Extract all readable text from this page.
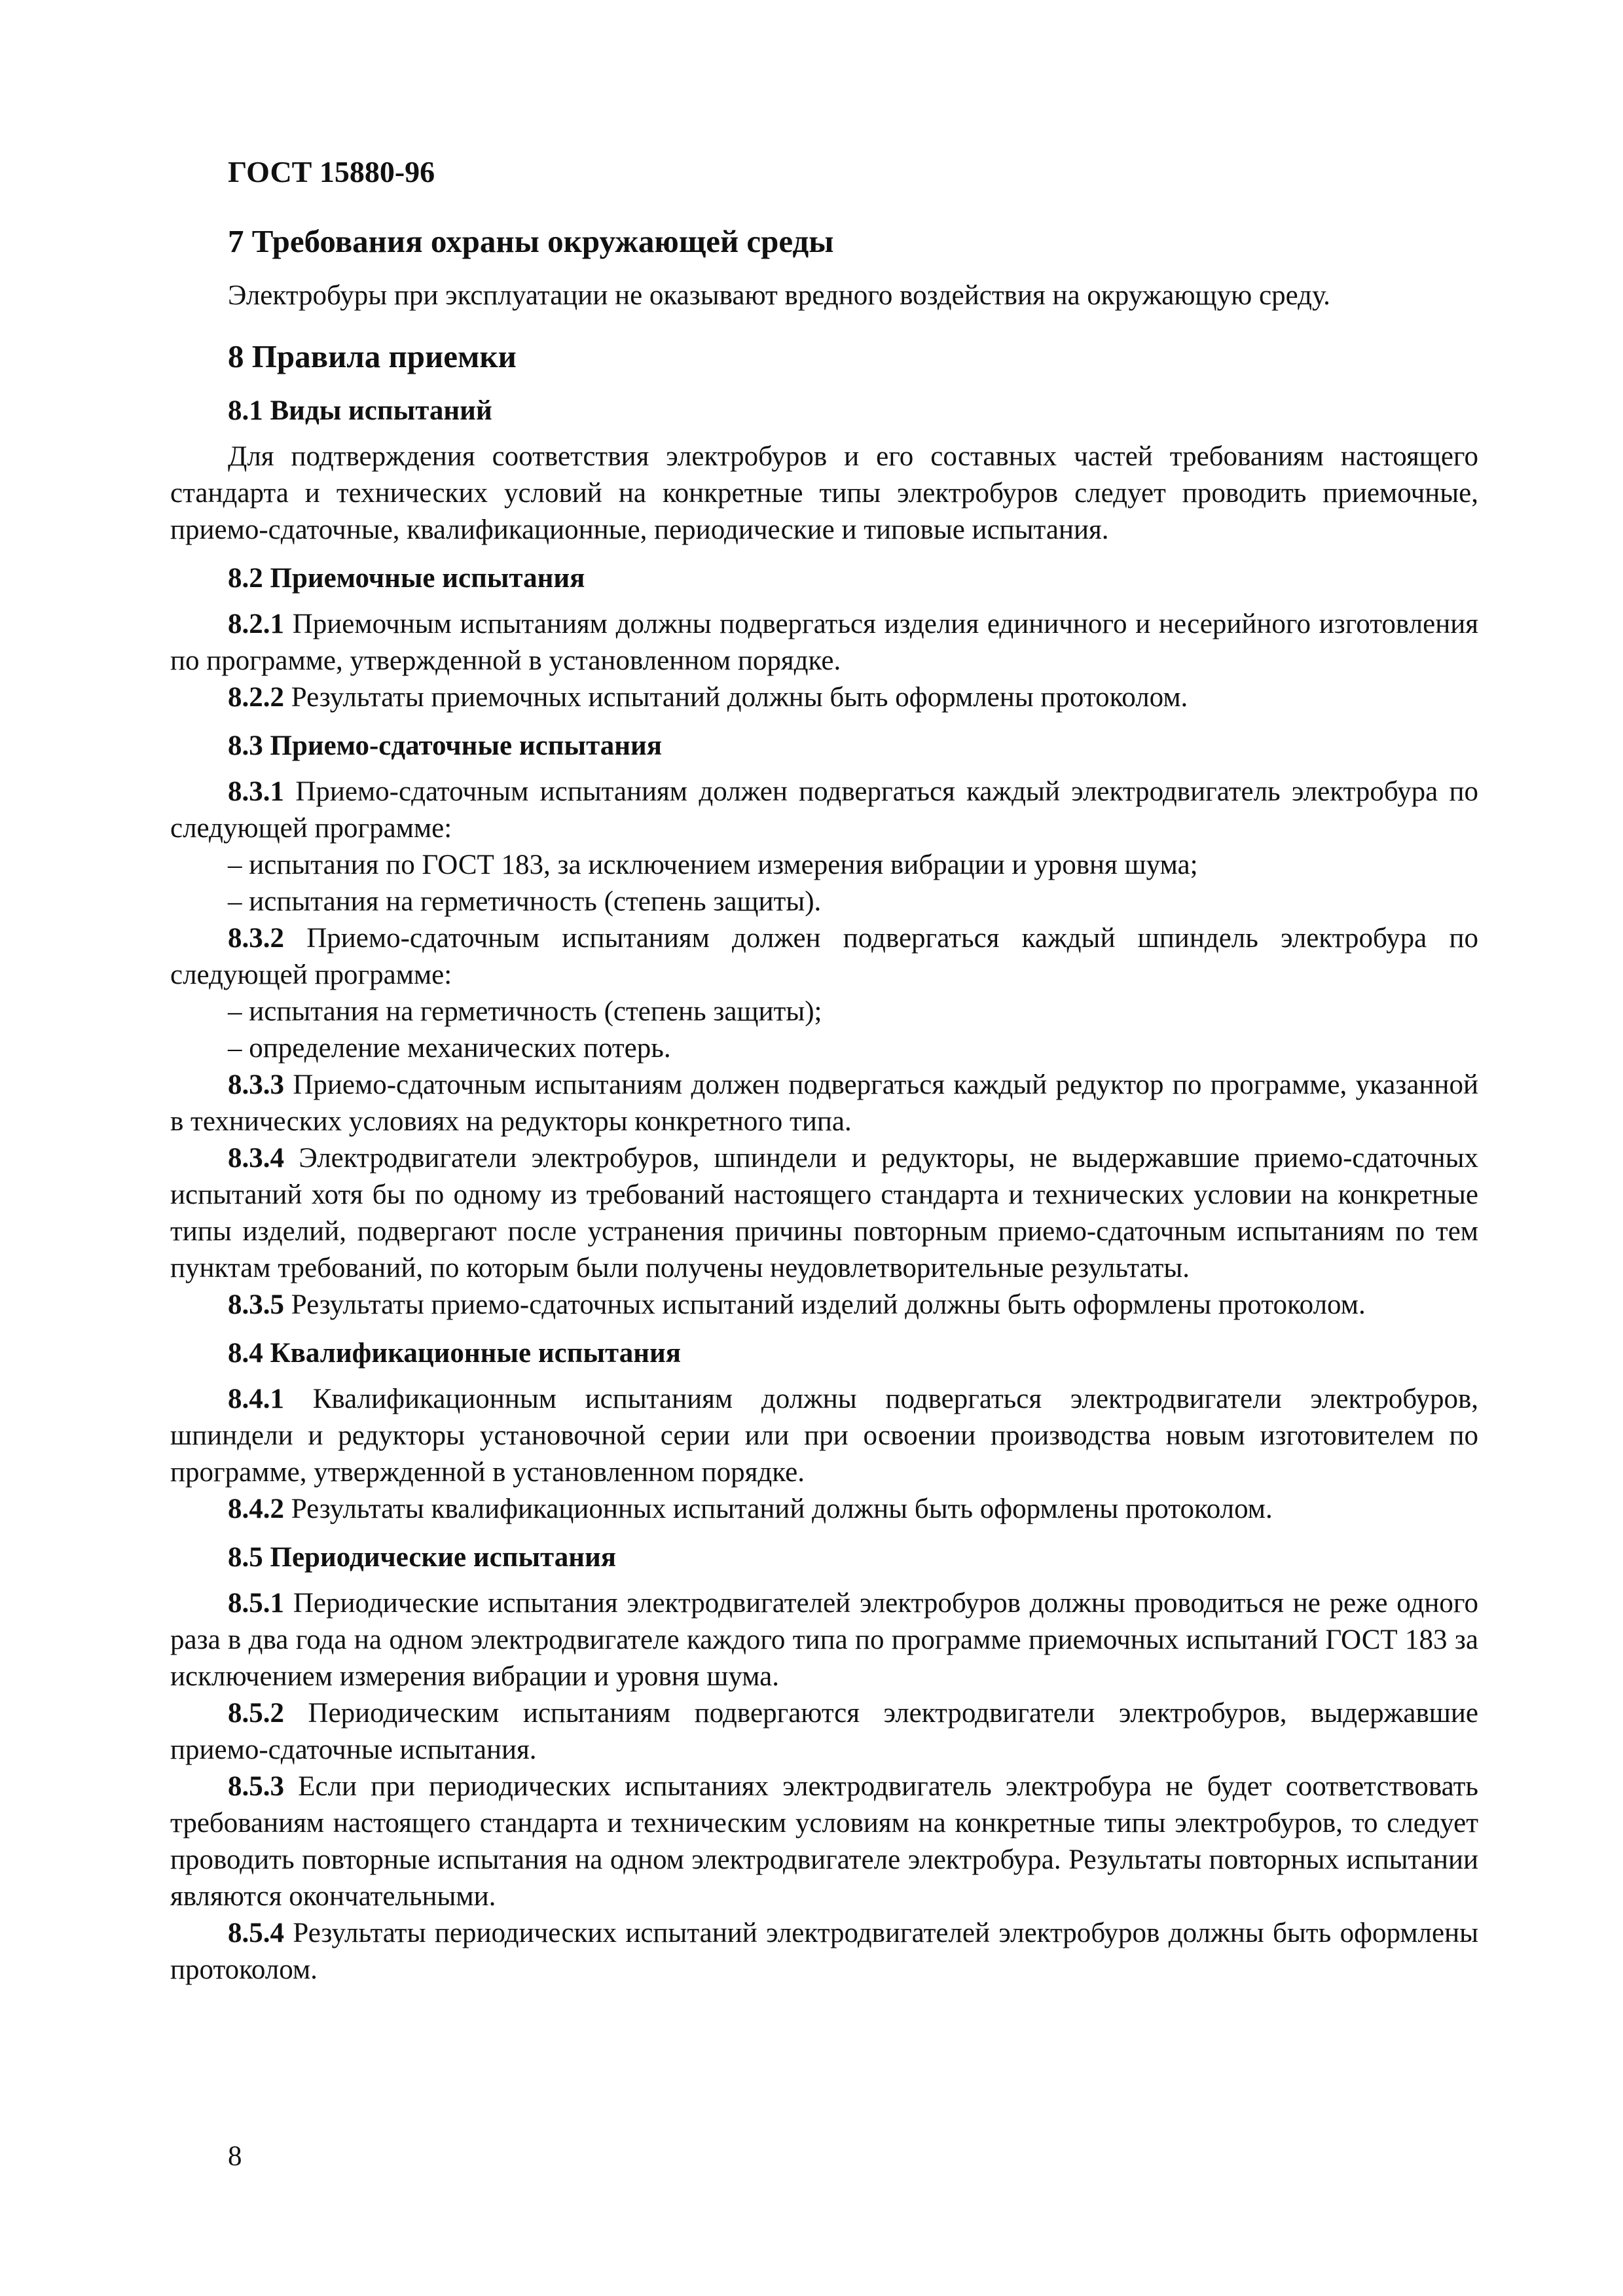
ГОСТ 15880-96

7 Требования охраны окружающей среды

Электробуры при эксплуатации не оказывают вредного воздействия на окружающую среду.

8 Правила приемки
8.1 Виды испытаний

Для подтверждения соответствия электробуров и его составных частей требованиям настоящего стандарта и технических условий на конкретные типы электробуров следует проводить приемочные, приемо-сдаточные, квалификационные, периодические и типовые испытания.

8.2 Приемочные испытания

8.2.1 Приемочным испытаниям должны подвергаться изделия единичного и несерийного изготовления по программе, утвержденной в установленном порядке.

8.2.2 Результаты приемочных испытаний должны быть оформлены протоколом.

8.3 Приемо-сдаточные испытания

8.3.1 Приемо-сдаточным испытаниям должен подвергаться каждый электродвигатель электробура по следующей программе:

– испытания по ГОСТ 183, за исключением измерения вибрации и уровня шума;

– испытания на герметичность (степень защиты).

8.3.2 Приемо-сдаточным испытаниям должен подвергаться каждый шпиндель электробура по следующей программе:

– испытания на герметичность (степень защиты);

– определение механических потерь.

8.3.3 Приемо-сдаточным испытаниям должен подвергаться каждый редуктор по программе, указанной в технических условиях на редукторы конкретного типа.

8.3.4 Электродвигатели электробуров, шпиндели и редукторы, не выдержавшие приемо-сдаточных испытаний хотя бы по одному из требований настоящего стандарта и технических условии на конкретные типы изделий, подвергают после устранения причины повторным приемо-сдаточным испытаниям по тем пунктам требований, по которым были получены неудовлетворительные результаты.

8.3.5 Результаты приемо-сдаточных испытаний изделий должны быть оформлены протоколом.

8.4 Квалификационные испытания

8.4.1 Квалификационным испытаниям должны подвергаться электродвигатели электробуров, шпиндели и редукторы установочной серии или при освоении производства новым изготовителем по программе, утвержденной в установленном порядке.

8.4.2 Результаты квалификационных испытаний должны быть оформлены протоколом.

8.5 Периодические испытания

8.5.1 Периодические испытания электродвигателей электробуров должны проводиться не реже одного раза в два года на одном электродвигателе каждого типа по программе приемочных испытаний ГОСТ 183 за исключением измерения вибрации и уровня шума.

8.5.2 Периодическим испытаниям подвергаются электродвигатели электробуров, выдержавшие приемо-сдаточные испытания.

8.5.3 Если при периодических испытаниях электродвигатель электробура не будет соответствовать требованиям настоящего стандарта и техническим условиям на конкретные типы электробуров, то следует проводить повторные испытания на одном электродвигателе электробура. Результаты повторных испытании являются окончательными.

8.5.4 Результаты периодических испытаний электродвигателей электробуров должны быть оформлены протоколом.

8
